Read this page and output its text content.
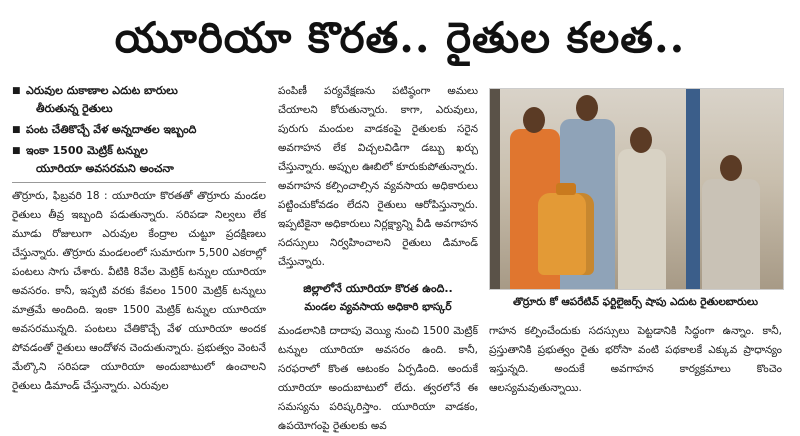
యూరియా కొరత.. రైతుల కలత..
■ ఎరువుల దుకాణాల ఎదుట బారులు
తీరుతున్న రైతులు
■ పంట చేతికొచ్చే వేళ అన్నదాతల ఇబ్బంది
■ ఇంకా 1500 మెట్రిక్ టన్నుల
యూరియా అవసరమని అంచనా
తొర్రూరు, ఫిబ్రవరి 18 : యూరియా కొరతతో తొర్రూరు మండల రైతులు తీవ్ర ఇబ్బంది పడుతున్నారు. సరిపడా నిల్వలు లేక మూడు రోజులుగా ఎరువుల కేంద్రాల చుట్టూ ప్రదక్షిణలు చేస్తున్నారు. తొర్రూరు మండలంలో సుమారుగా 5,500 ఎకరాల్లో పంటలు సాగు చేశారు. వీటికి 8వేల మెట్రిక్ టన్నుల యూరియా అవసరం. కానీ, ఇప్పటి వరకు కేవలం 1500 మెట్రిక్ టన్నులు మాత్రమే అందింది. ఇంకా 1500 మెట్రిక్ టన్నుల యూరియా అవసరమున్నది. పంటలు చేతికొచ్చే వేళ యూరియా అందక పోవడంతో రైతులు ఆందోళన చెందుతున్నారు. ప్రభుత్వం వెంటనే మేల్కొని సరిపడా యూరియా అందుబాటులో ఉంచాలని రైతులు డిమాండ్ చేస్తున్నారు. ఎరువుల
పంపిణీ పర్యవేక్షణను పటిష్ఠంగా అమలు చేయాలని కోరుతున్నారు. కాగా, ఎరువులు, పురుగు మందుల వాడకంపై రైతులకు సరైన అవగాహన లేక విచ్చలవిడిగా డబ్బు ఖర్చు చేస్తున్నారు. అప్పుల ఊబిలో కూరుకుపోతున్నారు. అవగాహన కల్పించాల్సిన వ్యవసాయ అధికారులు పట్టించుకోవడం లేదని రైతులు ఆరోపిస్తున్నారు. ఇప్పటికైనా అధికారులు నిర్లక్ష్యాన్ని వీడి అవగాహన సదస్సులు నిర్వహించాలని రైతులు డిమాండ్ చేస్తున్నారు.
జిల్లాలోనే యూరియా కొరత ఉంది..
మండల వ్యవసాయ అధికారి భాస్కర్	తొర్రూరు కో ఆపరేటివ్ ఫర్టిలైజర్స్ షాపు ఎదుట రైతులబారులు
మండలానికి దాదాపు వెయ్యి నుంచి 1500 మెట్రిక్ టన్నుల యూరియా అవసరం ఉంది. కానీ, సరఫరాలో కొంత ఆటంకం ఏర్పడింది. అందుకే యూరియా అందుబాటులో లేదు. త్వరలోనే ఈ సమస్యను పరిష్కరిస్తాం. యూరియా వాడకం, ఉపయోగంపై రైతులకు అవ
గాహన కల్పించేందుకు సదస్సులు పెట్టడానికి సిద్ధంగా ఉన్నాం. కానీ, ప్రస్తుతానికి ప్రభుత్వం రైతు భరోసా వంటి పథకాలకే ఎక్కువ ప్రాధాన్యం ఇస్తున్నది. అందుకే అవగాహన కార్యక్రమాలు కొంచెం ఆలస్యమవుతున్నాయి.
